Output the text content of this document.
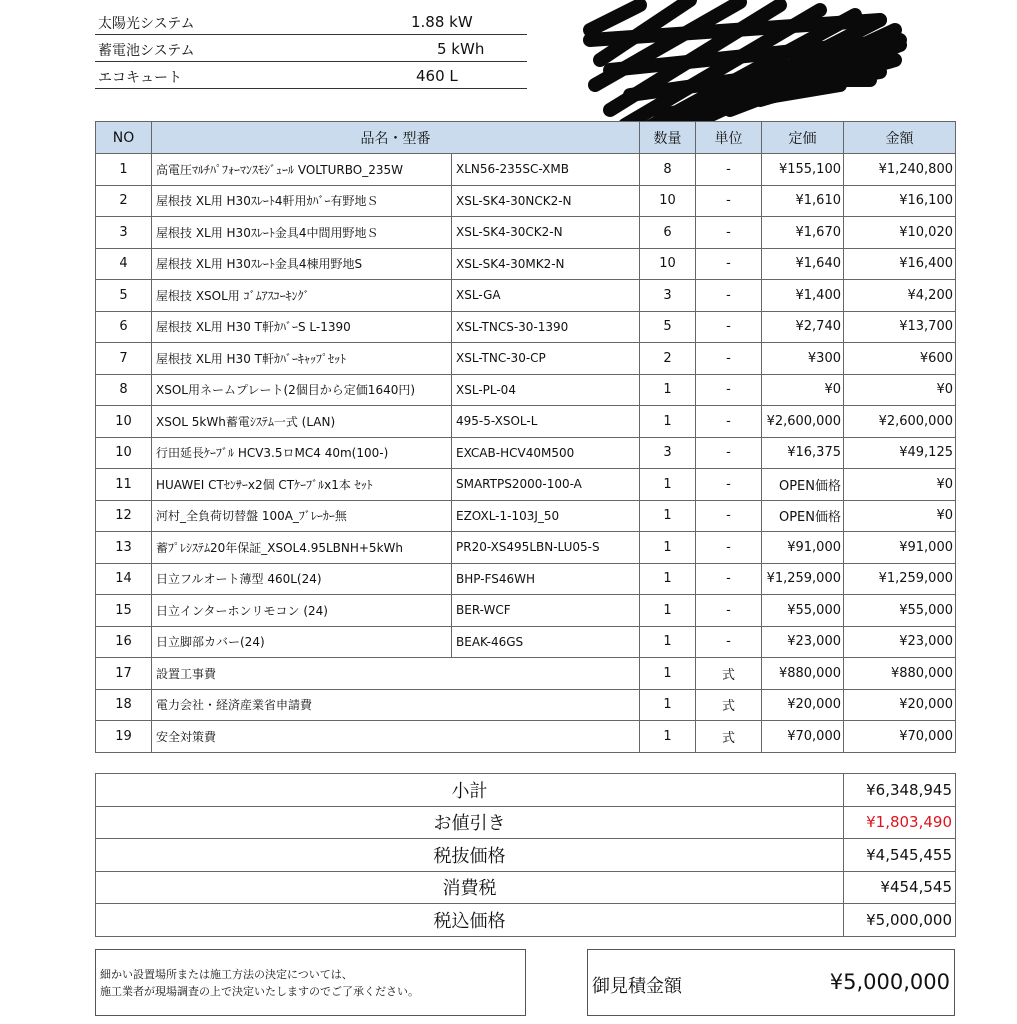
太陽光システム	1.88 kW
蓄電池システム	5 kWh
エコキュート	460 L
NO	品名・型番		数量	単位	定価	金額
1	高電圧ﾏﾙﾁﾊﾟﾌｫｰﾏﾝｽﾓｼﾞｭｰﾙ VOLTURBO_235W	XLN56-235SC-XMB	8	-	¥155,100	¥1,240,800
2	屋根技 XL用 H30ｽﾚｰﾄ4軒用ｶﾊﾞｰ有野地Ｓ	XSL-SK4-30NCK2-N	10	-	¥1,610	¥16,100
3	屋根技 XL用 H30ｽﾚｰﾄ金具4中間用野地Ｓ	XSL-SK4-30CK2-N	6	-	¥1,670	¥10,020
4	屋根技 XL用 H30ｽﾚｰﾄ金具4棟用野地S	XSL-SK4-30MK2-N	10	-	¥1,640	¥16,400
5	屋根技 XSOL用 ｺﾞﾑｱｽｺｰｷﾝｸﾞ	XSL-GA	3	-	¥1,400	¥4,200
6	屋根技 XL用 H30 T軒ｶﾊﾞｰS L-1390	XSL-TNCS-30-1390	5	-	¥2,740	¥13,700
7	屋根技 XL用 H30 T軒ｶﾊﾞｰｷｬｯﾌﾟｾｯﾄ	XSL-TNC-30-CP	2	-	¥300	¥600
8	XSOL用ネームプレート(2個目から定価1640円)	XSL-PL-04	1	-	¥0	¥0
10	XSOL 5kWh蓄電ｼｽﾃﾑ一式 (LAN)	495-5-XSOL-L	1	-	¥2,600,000	¥2,600,000
10	行田延長ｹｰﾌﾞﾙ HCV3.5ロMC4 40m(100-)	EXCAB-HCV40M500	3	-	¥16,375	¥49,125
11	HUAWEI CTｾﾝｻｰx2個 CTｹｰﾌﾞﾙx1本 ｾｯﾄ	SMARTPS2000-100-A	1	-	OPEN価格	¥0
12	河村_全負荷切替盤 100A_ﾌﾞﾚｰｶｰ無	EZOXL-1-103J_50	1	-	OPEN価格	¥0
13	蓄ﾌﾟﾚｼｽﾃﾑ20年保証_XSOL4.95LBNH+5kWh	PR20-XS495LBN-LU05-S	1	-	¥91,000	¥91,000
14	日立フルオート薄型 460L(24)	BHP-FS46WH	1	-	¥1,259,000	¥1,259,000
15	日立インターホンリモコン (24)	BER-WCF	1	-	¥55,000	¥55,000
16	日立脚部カバー(24)	BEAK-46GS	1	-	¥23,000	¥23,000
17	設置工事費		1	式	¥880,000	¥880,000
18	電力会社・経済産業省申請費		1	式	¥20,000	¥20,000
19	安全対策費		1	式	¥70,000	¥70,000
小計	¥6,348,945
お値引き	¥1,803,490
税抜価格	¥4,545,455
消費税	¥454,545
税込価格	¥5,000,000
細かい設置場所または施工方法の決定については、
施工業者が現場調査の上で決定いたしますのでご了承ください。	御見積金額	¥5,000,000
